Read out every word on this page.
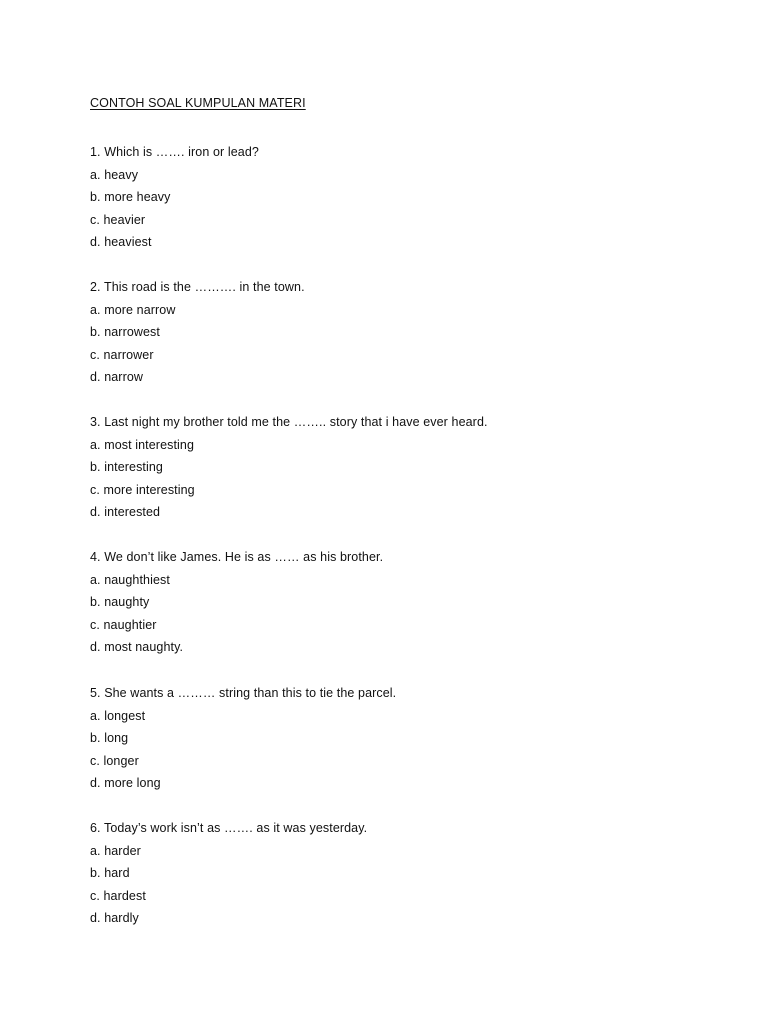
CONTOH SOAL KUMPULAN MATERI
1. Which is ……. iron or lead?
a. heavy
b. more heavy
c. heavier
d. heaviest
2. This road is the ………. in the town.
a. more narrow
b. narrowest
c. narrower
d. narrow
3. Last night my brother told me the …….. story that i have ever heard.
a. most interesting
b. interesting
c. more interesting
d. interested
4. We don’t like James. He is as …… as his brother.
a. naughthiest
b. naughty
c. naughtier
d. most naughty.
5. She wants a ……… string than this to tie the parcel.
a. longest
b. long
c. longer
d. more long
6. Today’s work isn’t as ……. as it was yesterday.
a. harder
b. hard
c. hardest
d. hardly
